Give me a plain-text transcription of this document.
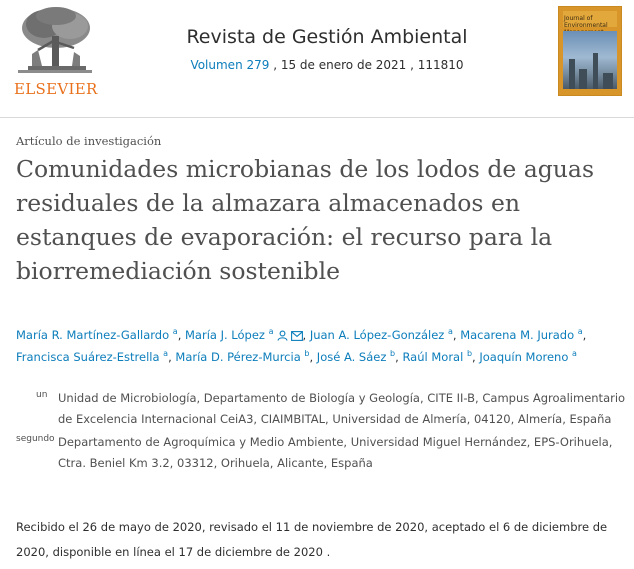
ELSEVIER
Revista de Gestión Ambiental
Volumen 279 , 15 de enero de 2021 , 111810
Journal of Environmental
Artículo de investigación
Comunidades microbianas de los lodos de aguas residuales de la almazara almacenados en estanques de evaporación: el recurso para la biorremediación sostenible
María R. Martínez-Gallardo $^a$, María J. López $^a$	, Juan A. López-González $^a$, Macarena M. Jurado $^a$, Francisca Suárez-Estrella $^a$, María D. Pérez-Murcia $^b$, José A. Sáez $^b$, Raúl Moral $^b$, Joaquín Moreno $^a$
un Unidad de Microbiología, Departamento de Biología y Geología, CITE II-B, Campus Agroalimentario de Excelencia Internacional CeiA3, CIAIMBITAL, Universidad de Almería, 04120, Almería, España
segundo Departamento de Agroquímica y Medio Ambiente, Universidad Miguel Hernández, EPS-Orihuela, Ctra. Beniel Km 3.2, 03312, Orihuela, Alicante, España
Recibido el 26 de mayo de 2020, revisado el 11 de noviembre de 2020, aceptado el 6 de diciembre de 2020, disponible en línea el 17 de diciembre de 2020 .
